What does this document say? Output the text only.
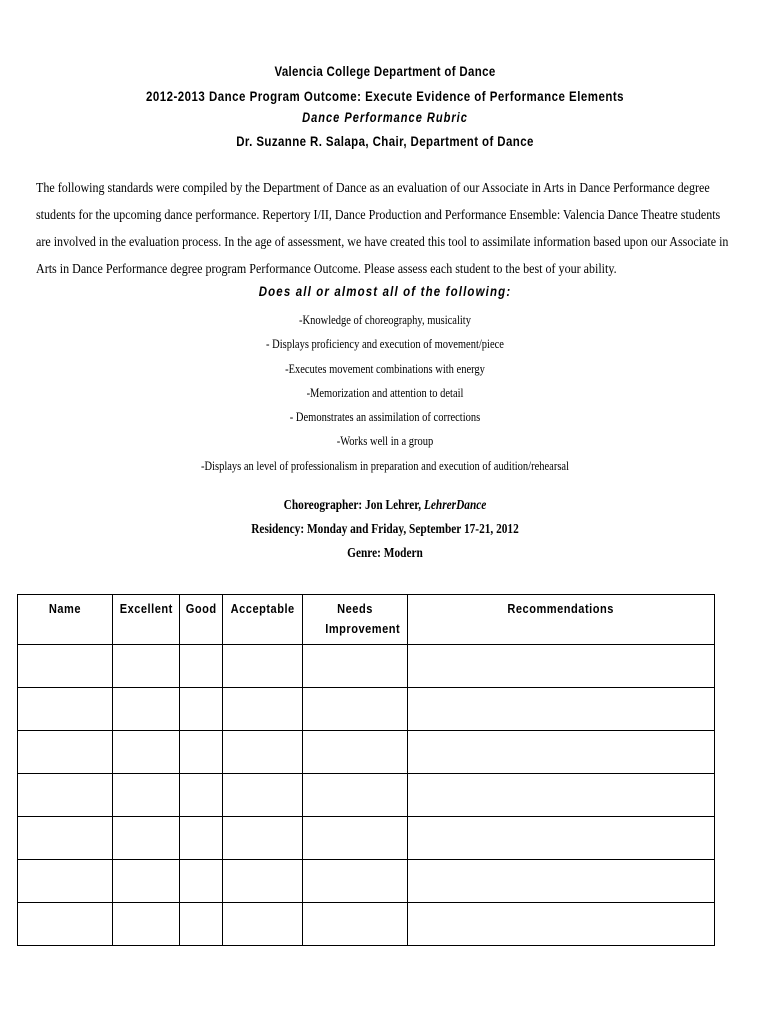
Valencia College Department of Dance
2012-2013 Dance Program Outcome: Execute Evidence of Performance Elements
Dance Performance Rubric
Dr. Suzanne R. Salapa, Chair, Department of Dance

The following standards were compiled by the Department of Dance as an evaluation of our Associate in Arts in Dance Performance degree students for the upcoming dance performance. Repertory I/II, Dance Production and Performance Ensemble: Valencia Dance Theatre students are involved in the evaluation process. In the age of assessment, we have created this tool to assimilate information based upon our Associate in Arts in Dance Performance degree program Performance Outcome. Please assess each student to the best of your ability.

Does all or almost all of the following:
-Knowledge of choreography, musicality
- Displays proficiency and execution of movement/piece
-Executes movement combinations with energy
-Memorization and attention to detail
- Demonstrates an assimilation of corrections
-Works well in a group
-Displays an level of professionalism in preparation and execution of audition/rehearsal
Choreographer: Jon Lehrer, LehrerDance
Residency: Monday and Friday, September 17-21, 2012
Genre: Modern
Name	Excellent	Good	Acceptable	Needs Improvement	Recommendations
